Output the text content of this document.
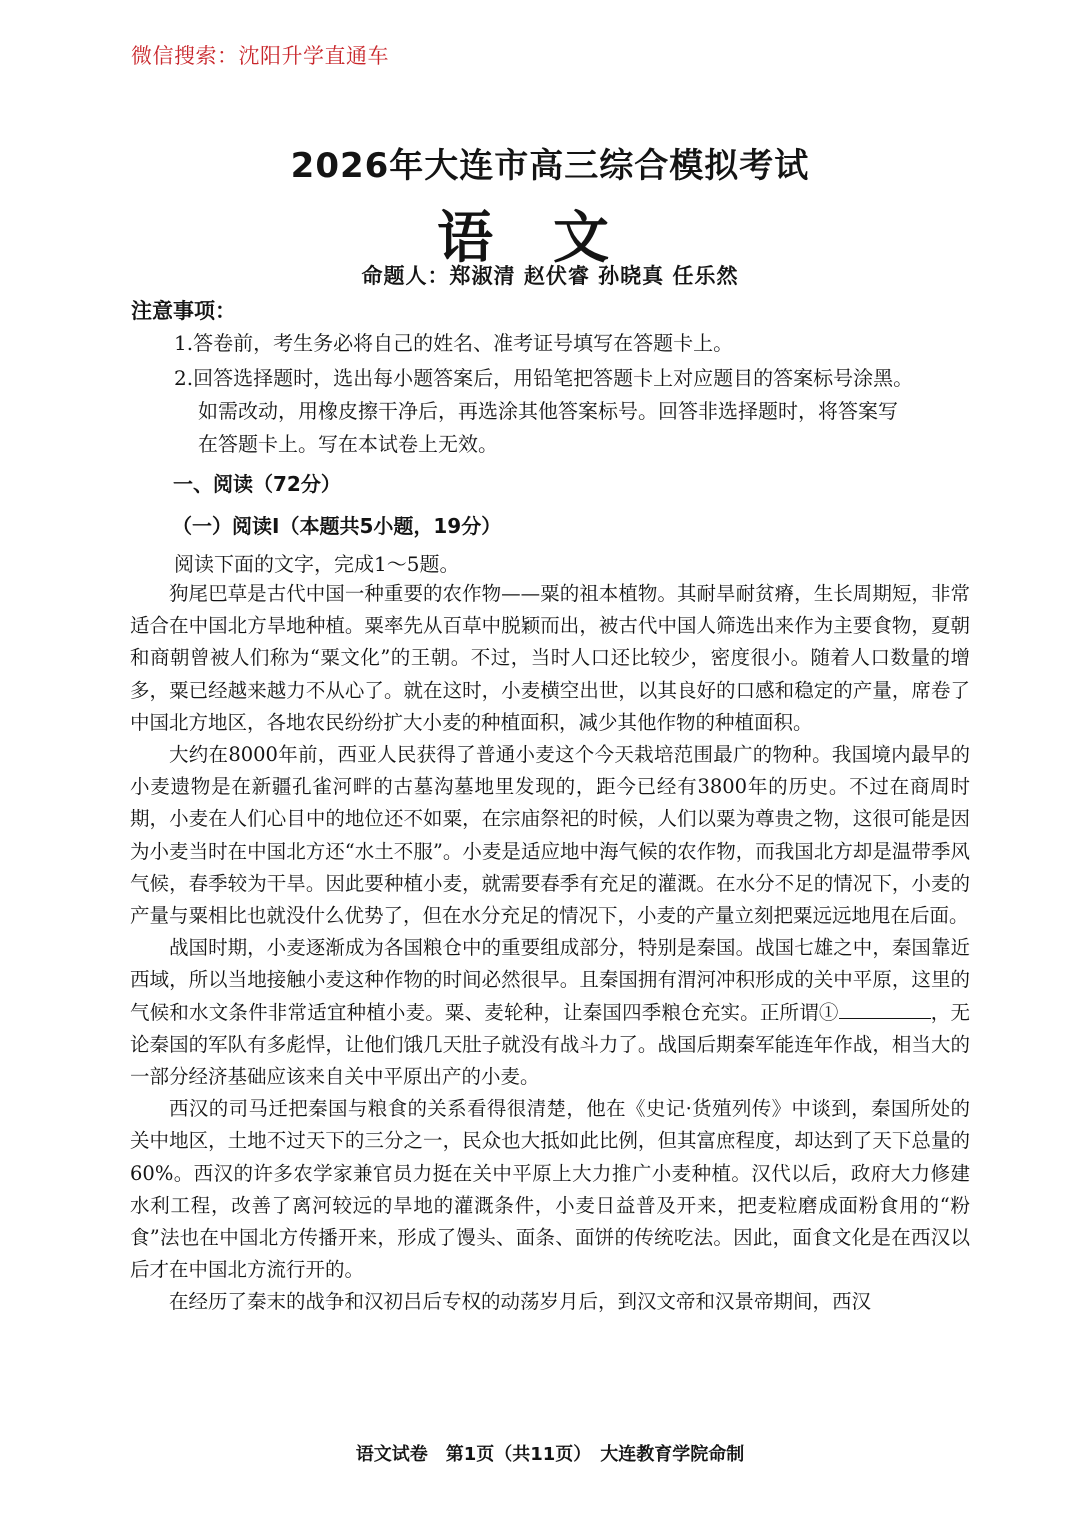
微信搜索：沈阳升学直通车
2026年大连市高三综合模拟考试
语文
命题人：郑淑清 赵伏睿 孙晓真 任乐然
注意事项：

1.答卷前，考生务必将自己的姓名、准考证号填写在答题卡上。

2.回答选择题时，选出每小题答案后，用铅笔把答题卡上对应题目的答案标号涂黑。

如需改动，用橡皮擦干净后，再选涂其他答案标号。回答非选择题时，将答案写

在答题卡上。写在本试卷上无效。

一、阅读（72分）
（一）阅读Ⅰ（本题共5小题，19分）
阅读下面的文字，完成1～5题。

狗尾巴草是古代中国一种重要的农作物——粟的祖本植物。其耐旱耐贫瘠，生长周期短，非常适合在中国北方旱地种植。粟率先从百草中脱颖而出，被古代中国人筛选出来作为主要食物，夏朝和商朝曾被人们称为“粟文化”的王朝。不过，当时人口还比较少，密度很小。随着人口数量的增多，粟已经越来越力不从心了。就在这时，小麦横空出世，以其良好的口感和稳定的产量，席卷了中国北方地区，各地农民纷纷扩大小麦的种植面积，减少其他作物的种植面积。

大约在8000年前，西亚人民获得了普通小麦这个今天栽培范围最广的物种。我国境内最早的小麦遗物是在新疆孔雀河畔的古墓沟墓地里发现的，距今已经有3800年的历史。不过在商周时期，小麦在人们心目中的地位还不如粟，在宗庙祭祀的时候，人们以粟为尊贵之物，这很可能是因为小麦当时在中国北方还“水土不服”。小麦是适应地中海气候的农作物，而我国北方却是温带季风气候，春季较为干旱。因此要种植小麦，就需要春季有充足的灌溉。在水分不足的情况下，小麦的产量与粟相比也就没什么优势了，但在水分充足的情况下，小麦的产量立刻把粟远远地甩在后面。

战国时期，小麦逐渐成为各国粮仓中的重要组成部分，特别是秦国。战国七雄之中，秦国靠近西域，所以当地接触小麦这种作物的时间必然很早。且秦国拥有渭河冲积形成的关中平原，这里的气候和水文条件非常适宜种植小麦。粟、麦轮种，让秦国四季粮仓充实。正所谓①	，无论秦国的军队有多彪悍，让他们饿几天肚子就没有战斗力了。战国后期秦军能连年作战，相当大的一部分经济基础应该来自关中平原出产的小麦。

西汉的司马迁把秦国与粮食的关系看得很清楚，他在《史记·货殖列传》中谈到，秦国所处的关中地区，土地不过天下的三分之一，民众也大抵如此比例，但其富庶程度，却达到了天下总量的60%。西汉的许多农学家兼官员力挺在关中平原上大力推广小麦种植。汉代以后，政府大力修建水利工程，改善了离河较远的旱地的灌溉条件，小麦日益普及开来，把麦粒磨成面粉食用的“粉食”法也在中国北方传播开来，形成了馒头、面条、面饼的传统吃法。因此，面食文化是在西汉以后才在中国北方流行开的。

在经历了秦末的战争和汉初吕后专权的动荡岁月后，到汉文帝和汉景帝期间，西汉

语文试卷　第1页（共11页）　大连教育学院命制
